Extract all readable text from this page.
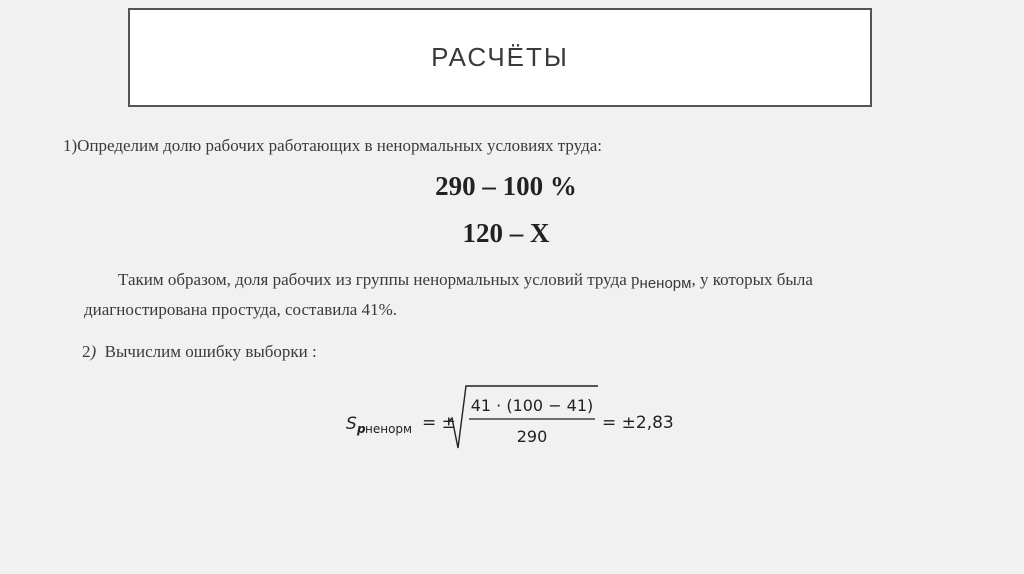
РАСЧЁТЫ
1)Определим долю рабочих работающих в ненормальных условиях труда:
290 – 100 %
120 – Х
Таким образом, доля рабочих из группы ненормальных условий труда pненорм, у которых была диагностирована простуда, составила 41%.
2) Вычислим ошибку выборки :
S p ненорм = ±
41 · (100 − 41)
290
= ±2,83
